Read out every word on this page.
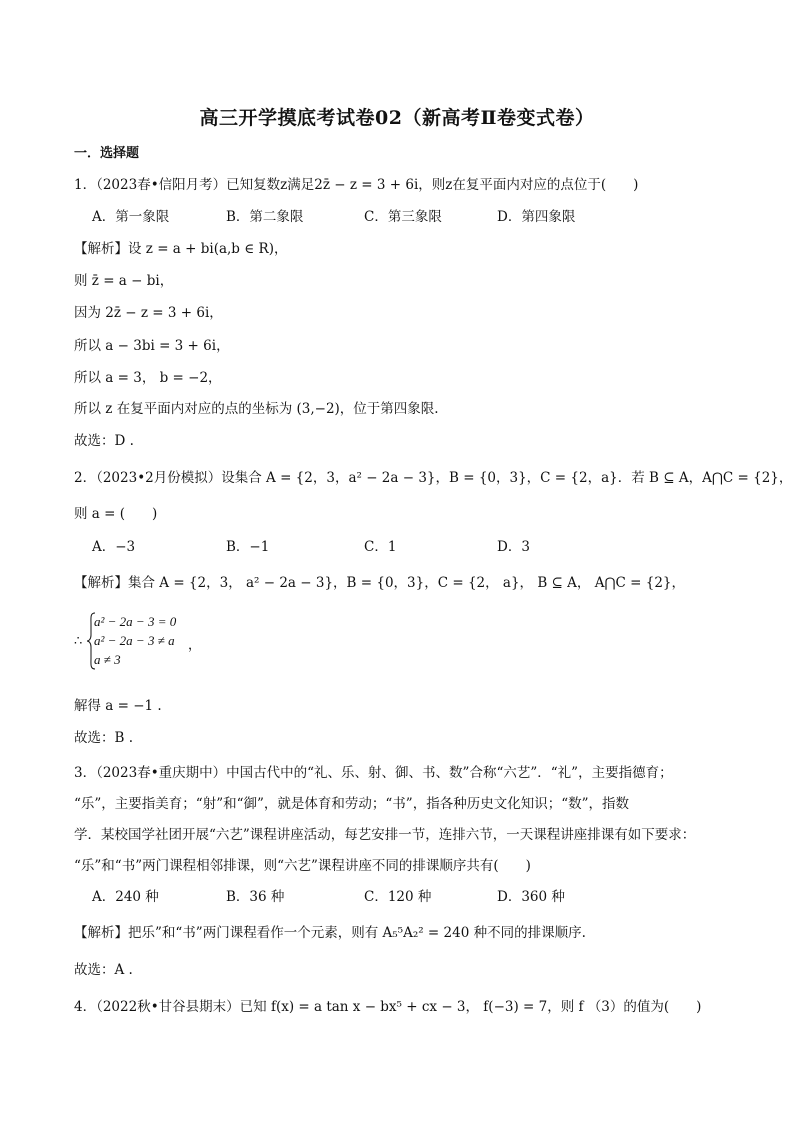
高三开学摸底考试卷02（新高考Ⅱ卷变式卷）
一．选择题
1．（2023春•信阳月考）已知复数z满足2z̄ − z = 3 + 6i，则z在复平面内对应的点位于(　　)
A．第一象限	B．第二象限	C．第三象限	D．第四象限
【解析】设 z = a + bi(a,b ∈ R)，
则 z̄ = a − bi，
因为 2z̄ − z = 3 + 6i，
所以 a − 3bi = 3 + 6i，
所以 a = 3， b = −2，
所以 z 在复平面内对应的点的坐标为 (3,−2)，位于第四象限.
故选：D .
2．（2023•2月份模拟）设集合 A = {2，3，a² − 2a − 3}，B = {0，3}，C = {2，a}．若 B ⊆ A，A⋂C = {2}，
则 a = (　　)
A．−3	B．−1	C．1	D．3
【解析】集合 A = {2，3， a² − 2a − 3}，B = {0，3}，C = {2， a}， B ⊆ A， A⋂C = {2}，
∴
a² − 2a − 3 = 0
a² − 2a − 3 ≠ a
a ≠ 3
，
解得 a = −1 .
故选：B .
3．（2023春•重庆期中）中国古代中的“礼、乐、射、御、书、数”合称“六艺”．“礼”，主要指德育；
“乐”，主要指美育；“射”和“御”，就是体育和劳动；“书”，指各种历史文化知识；“数”，指数
学．某校国学社团开展“六艺”课程讲座活动，每艺安排一节，连排六节，一天课程讲座排课有如下要求：
“乐”和“书”两门课程相邻排课，则“六艺”课程讲座不同的排课顺序共有(　　)
A．240 种	B．36 种	C．120 种	D．360 种
【解析】把乐”和“书”两门课程看作一个元素，则有 A₅⁵A₂² = 240 种不同的排课顺序.
故选：A .
4．（2022秋•甘谷县期末）已知 f(x) = a tan x − bx⁵ + cx − 3， f(−3) = 7，则 f （3）的值为(　　)
